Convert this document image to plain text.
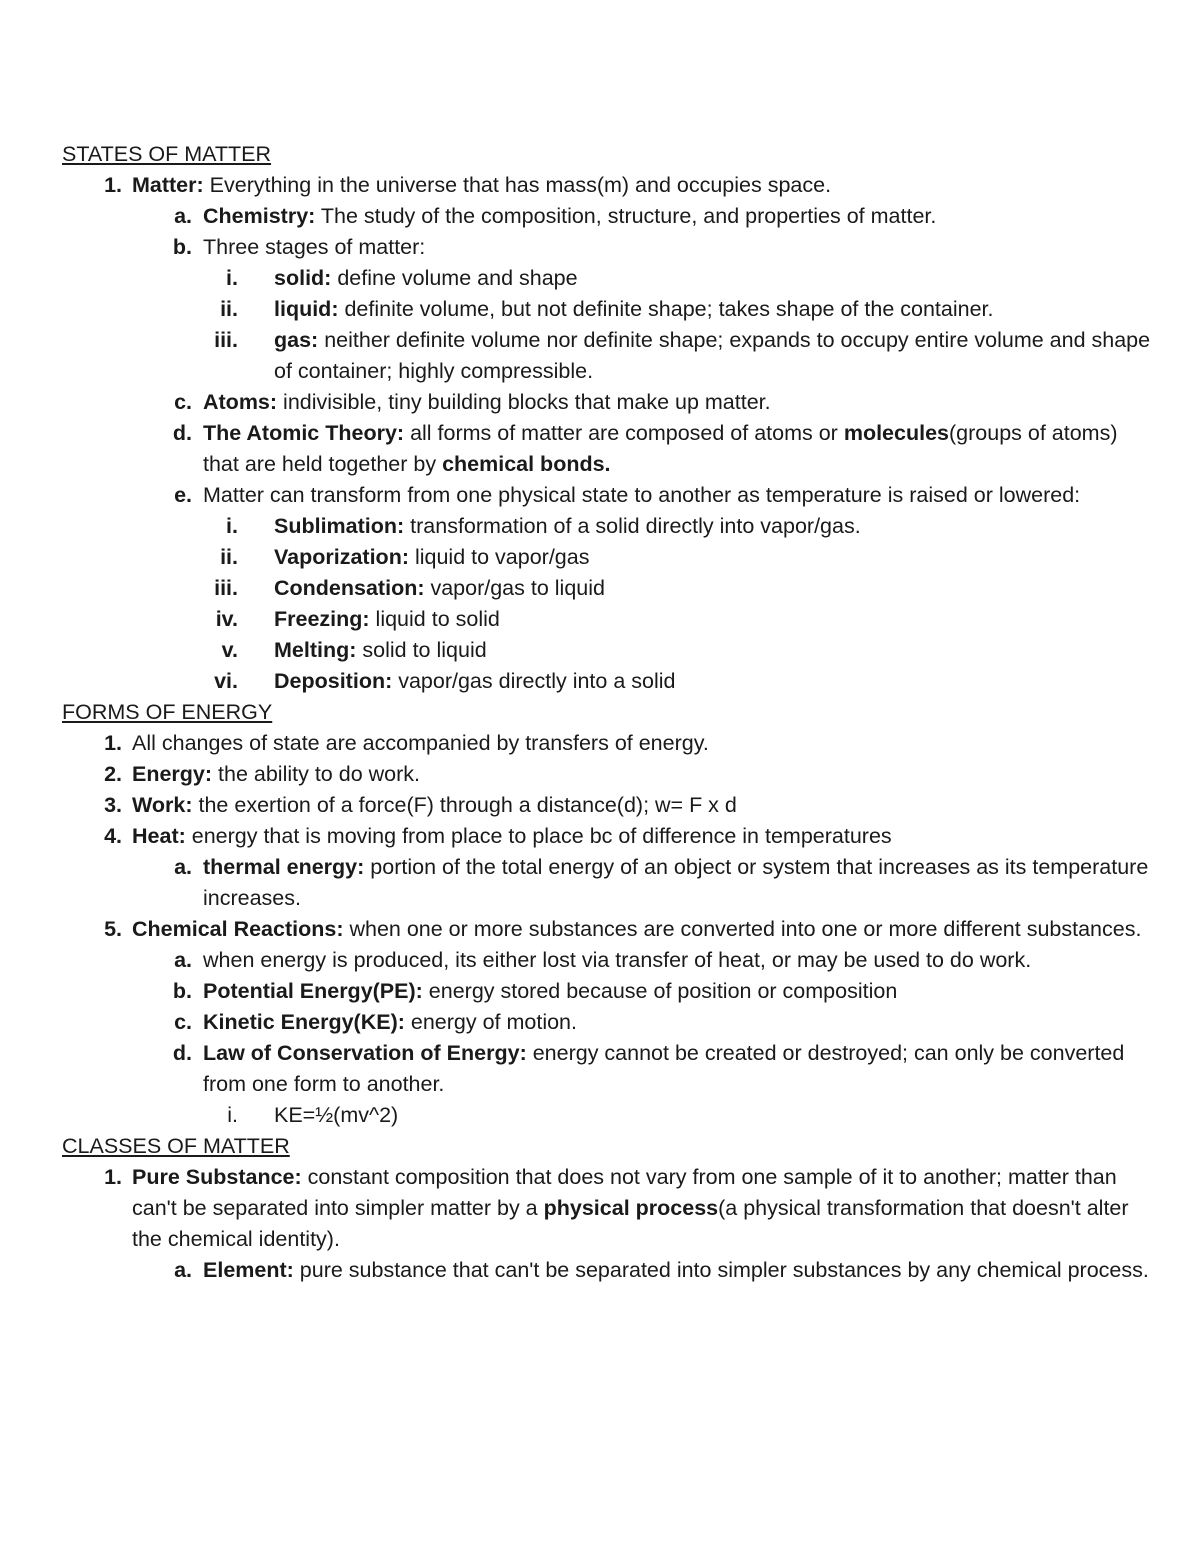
STATES OF MATTER
1. Matter: Everything in the universe that has mass(m) and occupies space.
a. Chemistry: The study of the composition, structure, and properties of matter.
b. Three stages of matter:
i. solid: define volume and shape
ii. liquid: definite volume, but not definite shape; takes shape of the container.
iii. gas: neither definite volume nor definite shape; expands to occupy entire volume and shape of container; highly compressible.
c. Atoms: indivisible, tiny building blocks that make up matter.
d. The Atomic Theory: all forms of matter are composed of atoms or molecules(groups of atoms) that are held together by chemical bonds.
e. Matter can transform from one physical state to another as temperature is raised or lowered:
i. Sublimation: transformation of a solid directly into vapor/gas.
ii. Vaporization: liquid to vapor/gas
iii. Condensation: vapor/gas to liquid
iv. Freezing: liquid to solid
v. Melting: solid to liquid
vi. Deposition: vapor/gas directly into a solid
FORMS OF ENERGY
1. All changes of state are accompanied by transfers of energy.
2. Energy: the ability to do work.
3. Work: the exertion of a force(F) through a distance(d); w= F x d
4. Heat: energy that is moving from place to place bc of difference in temperatures
a. thermal energy: portion of the total energy of an object or system that increases as its temperature increases.
5. Chemical Reactions: when one or more substances are converted into one or more different substances.
a. when energy is produced, its either lost via transfer of heat, or may be used to do work.
b. Potential Energy(PE): energy stored because of position or composition
c. Kinetic Energy(KE): energy of motion.
d. Law of Conservation of Energy: energy cannot be created or destroyed; can only be converted from one form to another.
i. KE=½(mv^2)
CLASSES OF MATTER
1. Pure Substance: constant composition that does not vary from one sample of it to another; matter than can't be separated into simpler matter by a physical process(a physical transformation that doesn't alter the chemical identity).
a. Element: pure substance that can't be separated into simpler substances by any chemical process.
